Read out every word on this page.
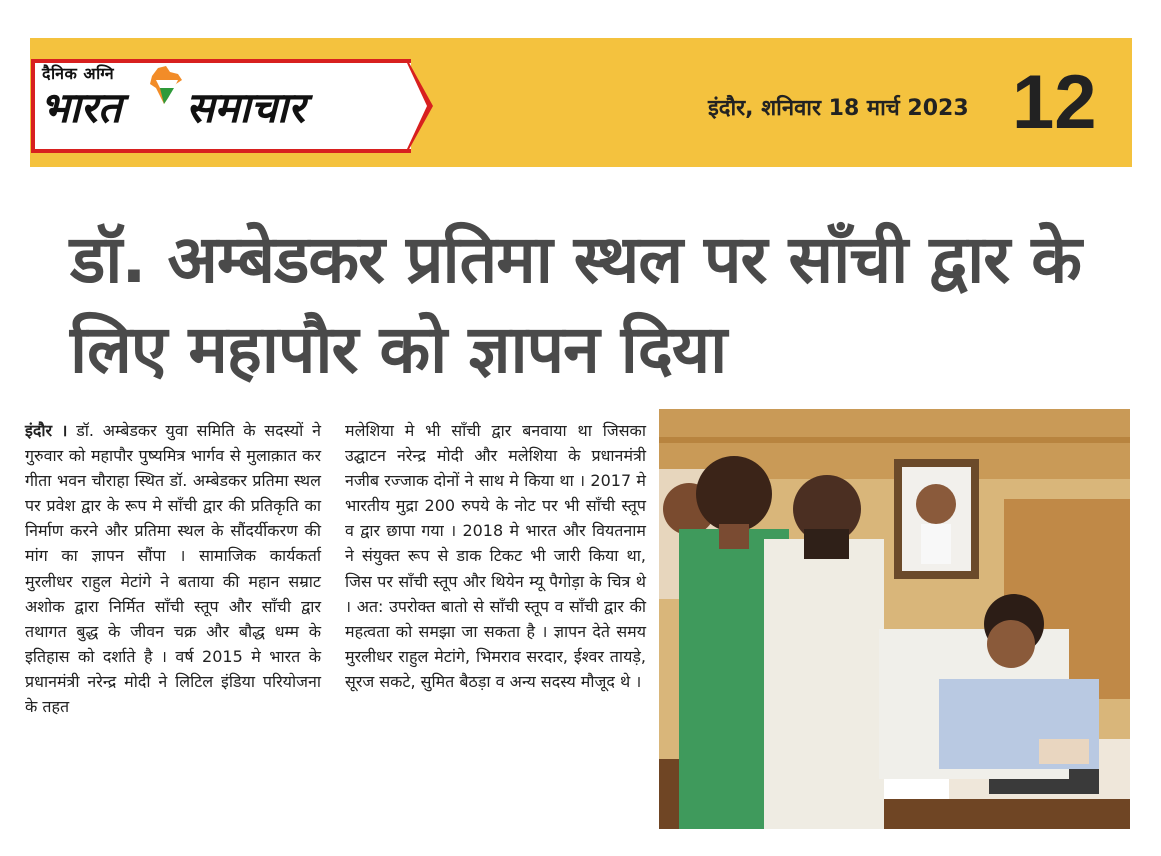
दैनिक अग्नि
भारत समाचार	इंदौर, शनिवार 18 मार्च 2023 12
डॉ. अम्बेडकर प्रतिमा स्थल पर साँची द्वार के लिए महापौर को ज्ञापन दिया

इंदौर । डॉ. अम्बेडकर युवा समिति के सदस्यों ने गुरुवार को महापौर पुष्यमित्र भार्गव से मुलाक़ात कर गीता भवन चौराहा स्थित डॉ. अम्बेडकर प्रतिमा स्थल पर प्रवेश द्वार के रूप मे साँची द्वार की प्रतिकृति का निर्माण करने और प्रतिमा स्थल के सौंदर्यीकरण की मांग का ज्ञापन सौंपा । सामाजिक कार्यकर्ता मुरलीधर राहुल मेटांगे ने बताया की महान सम्राट अशोक द्वारा निर्मित साँची स्तूप और साँची द्वार तथागत बुद्ध के जीवन चक्र और बौद्ध धम्म के इतिहास को दर्शाते है । वर्ष 2015 मे भारत के प्रधानमंत्री नरेन्द्र मोदी ने लिटिल इंडिया परियोजना के तहत

मलेशिया मे भी साँची द्वार बनवाया था जिसका उद्घाटन नरेन्द्र मोदी और मलेशिया के प्रधानमंत्री नजीब रज्जाक दोनों ने साथ मे किया था । 2017 मे भारतीय मुद्रा 200 रुपये के नोट पर भी साँची स्तूप व द्वार छापा गया । 2018 मे भारत और वियतनाम ने संयुक्त रूप से डाक टिकट भी जारी किया था, जिस पर साँची स्तूप और थियेन म्यू पैगोड़ा के चित्र थे । अत: उपरोक्त बातो से साँची स्तूप व साँची द्वार की महत्वता को समझा जा सकता है । ज्ञापन देते समय मुरलीधर राहुल मेटांगे, भिमराव सरदार, ईश्वर तायड़े, सूरज सकटे, सुमित बैठड़ा व अन्य सदस्य मौजूद थे ।
